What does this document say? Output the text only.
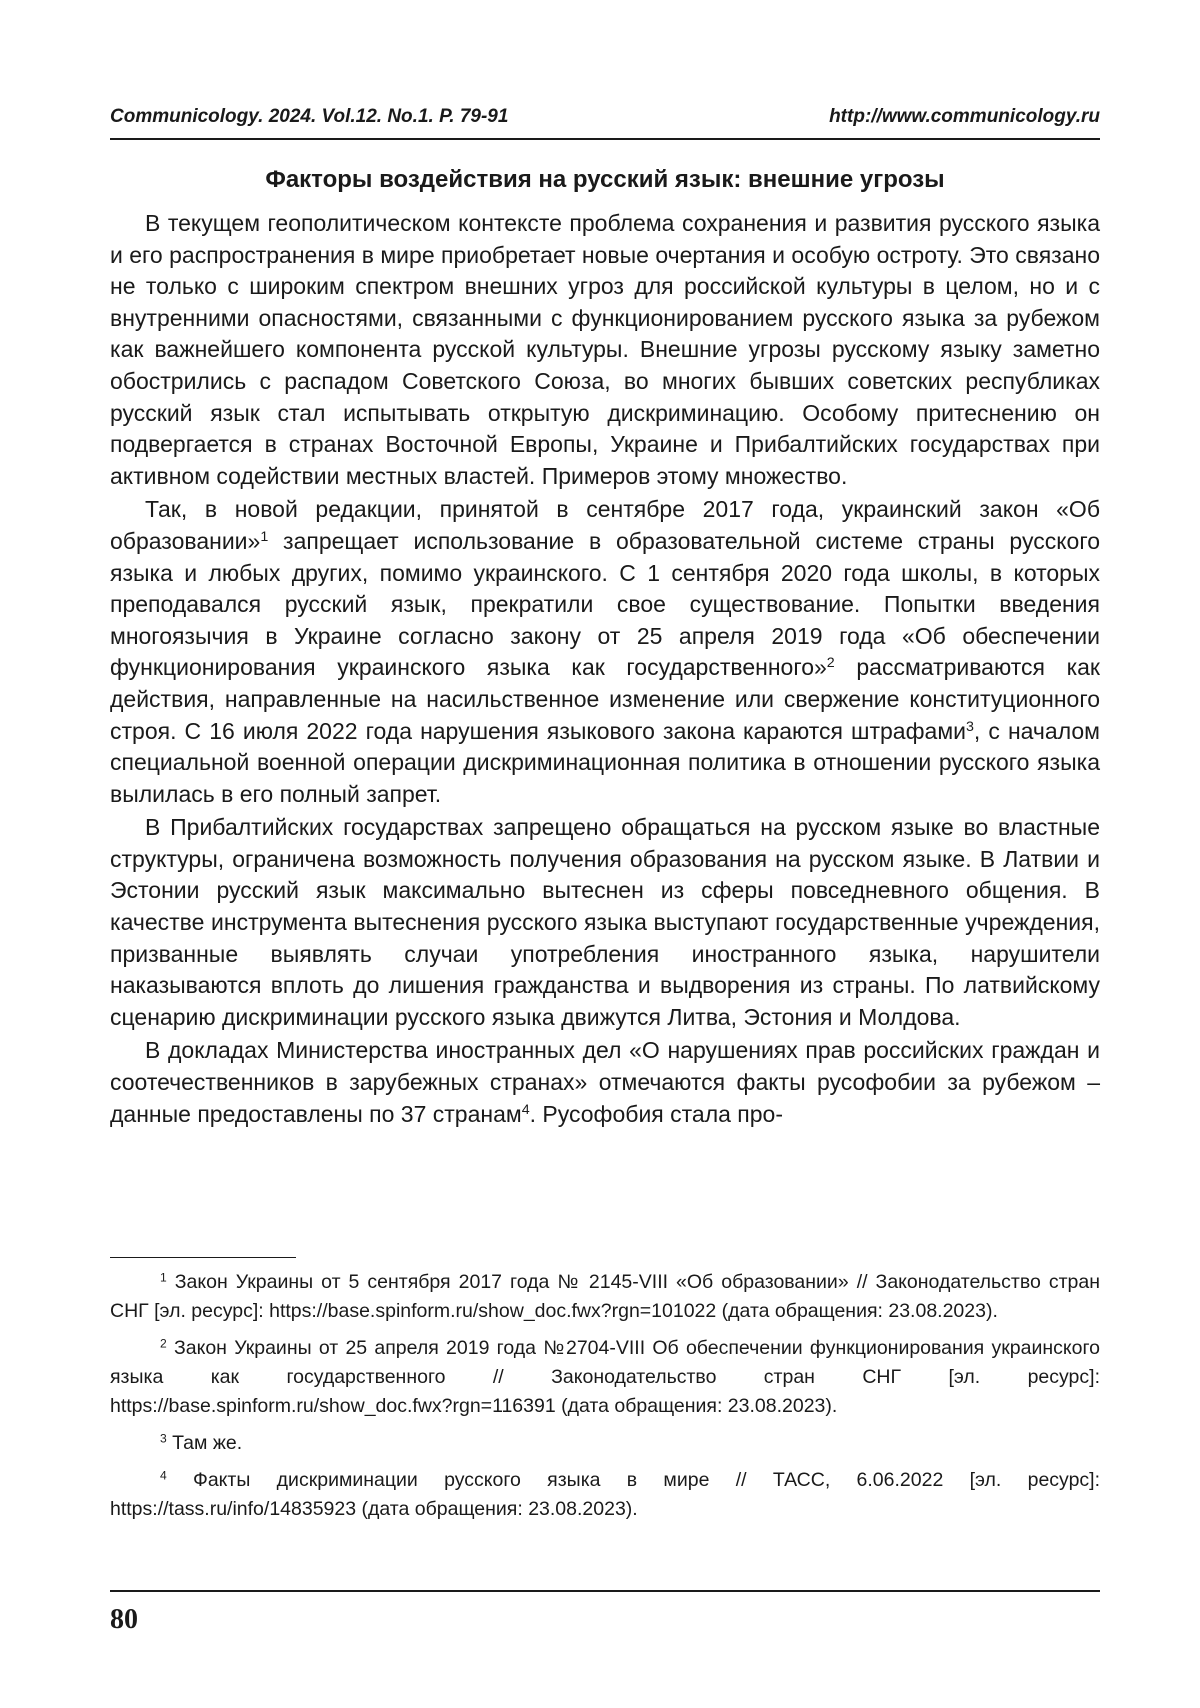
Communicology. 2024. Vol.12. No.1. P. 79-91	http://www.communicology.ru
Факторы воздействия на русский язык: внешние угрозы

В текущем геополитическом контексте проблема сохранения и развития русского языка и его распространения в мире приобретает новые очертания и особую остроту. Это связано не только с широким спектром внешних угроз для российской культуры в целом, но и с внутренними опасностями, связанными с функционированием русского языка за рубежом как важнейшего компонента русской культуры. Внешние угрозы русскому языку заметно обострились с распадом Советского Союза, во многих бывших советских республиках русский язык стал испытывать открытую дискриминацию. Особому притеснению он подвергается в странах Восточной Европы, Украине и Прибалтийских государствах при активном содействии местных властей. Примеров этому множество.

Так, в новой редакции, принятой в сентябре 2017 года, украинский закон «Об образовании»$^1$ запрещает использование в образовательной системе страны русского языка и любых других, помимо украинского. С 1 сентября 2020 года школы, в которых преподавался русский язык, прекратили свое существование. Попытки введения многоязычия в Украине согласно закону от 25 апреля 2019 года «Об обеспечении функционирования украинского языка как государственного»$^2$ рассматриваются как действия, направленные на насильственное изменение или свержение конституционного строя. С 16 июля 2022 года нарушения языкового закона караются штрафами$^3$, с началом специальной военной операции дискриминационная политика в отношении русского языка вылилась в его полный запрет.

В Прибалтийских государствах запрещено обращаться на русском языке во властные структуры, ограничена возможность получения образования на русском языке. В Латвии и Эстонии русский язык максимально вытеснен из сферы повседневного общения. В качестве инструмента вытеснения русского языка выступают государственные учреждения, призванные выявлять случаи употребления иностранного языка, нарушители наказываются вплоть до лишения гражданства и выдворения из страны. По латвийскому сценарию дискриминации русского языка движутся Литва, Эстония и Молдова.

В докладах Министерства иностранных дел «О нарушениях прав российских граждан и соотечественников в зарубежных странах» отмечаются факты русофобии за рубежом – данные предоставлены по 37 странам$^4$. Русофобия стала про-

$^1$ Закон Украины от 5 сентября 2017 года № 2145-VIII «Об образовании» // Законодательство стран СНГ [эл. ресурс]: https://base.spinform.ru/show_doc.fwx?rgn=101022 (дата обращения: 23.08.2023).

$^2$ Закон Украины от 25 апреля 2019 года №2704-VIII Об обеспечении функционирования украинского языка как государственного // Законодательство стран СНГ [эл. ресурс]: https://base.spinform.ru/show_doc.fwx?rgn=116391 (дата обращения: 23.08.2023).

$^3$ Там же.

$^4$ Факты дискриминации русского языка в мире // ТАСС, 6.06.2022 [эл. ресурс]: https://tass.ru/info/14835923 (дата обращения: 23.08.2023).

80
